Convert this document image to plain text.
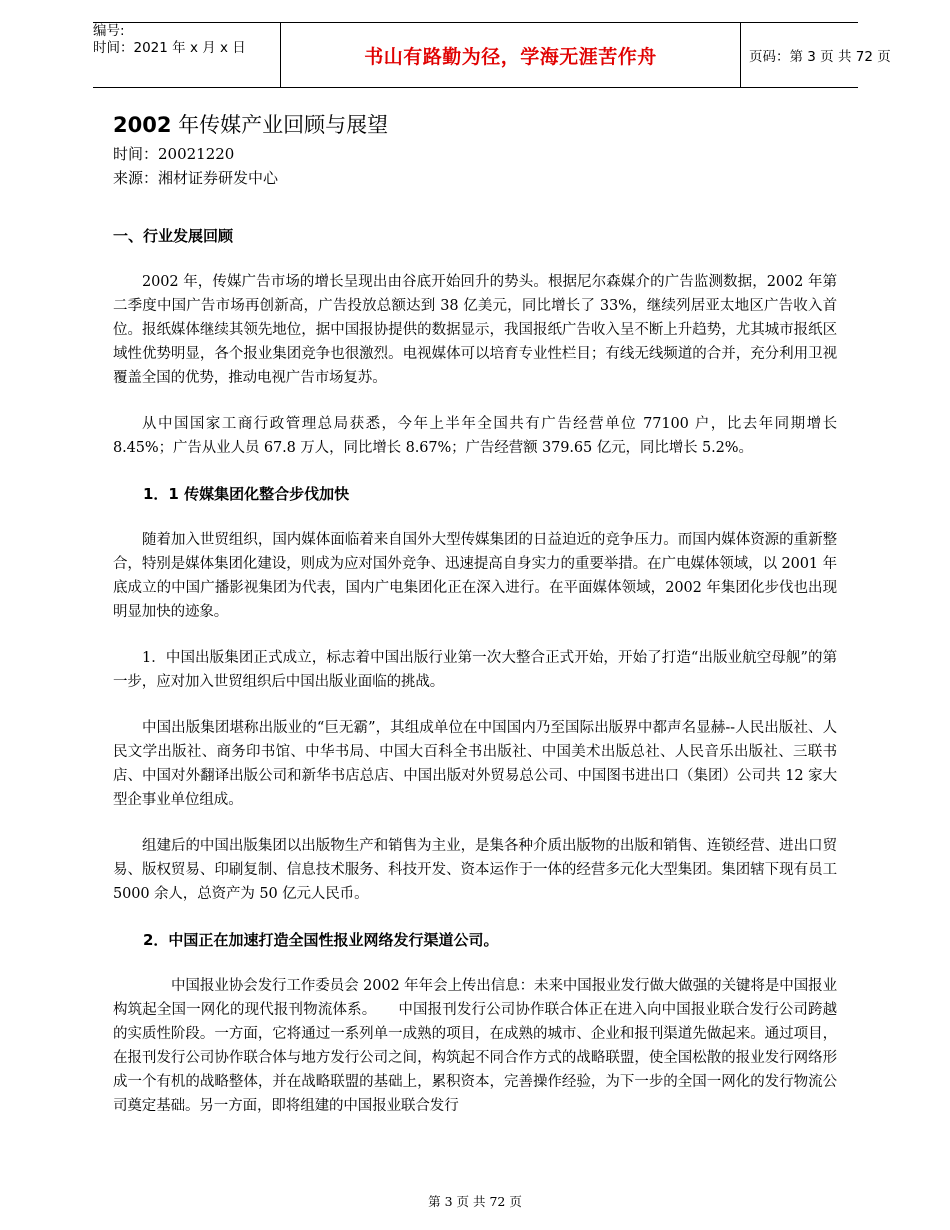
编号:
时间：2021 年 x 月 x 日	书山有路勤为径，学海无涯苦作舟	页码：第 3 页 共 72 页
2002 年传媒产业回顾与展望
时间：20021220
来源：湘材证券研发中心
一、行业发展回顾

2002 年，传媒广告市场的增长呈现出由谷底开始回升的势头。根据尼尔森媒介的广告监测数据，2002 年第二季度中国广告市场再创新高，广告投放总额达到 38 亿美元，同比增长了 33%，继续列居亚太地区广告收入首位。报纸媒体继续其领先地位，据中国报协提供的数据显示，我国报纸广告收入呈不断上升趋势，尤其城市报纸区域性优势明显，各个报业集团竞争也很激烈。电视媒体可以培育专业性栏目；有线无线频道的合并，充分利用卫视覆盖全国的优势，推动电视广告市场复苏。

从中国国家工商行政管理总局获悉，今年上半年全国共有广告经营单位 77100 户，比去年同期增长 8.45%；广告从业人员 67.8 万人，同比增长 8.67%；广告经营额 379.65 亿元，同比增长 5.2%。

1．1 传媒集团化整合步伐加快

随着加入世贸组织，国内媒体面临着来自国外大型传媒集团的日益迫近的竞争压力。而国内媒体资源的重新整合，特别是媒体集团化建设，则成为应对国外竞争、迅速提高自身实力的重要举措。在广电媒体领域，以 2001 年底成立的中国广播影视集团为代表，国内广电集团化正在深入进行。在平面媒体领域，2002 年集团化步伐也出现明显加快的迹象。

1．中国出版集团正式成立，标志着中国出版行业第一次大整合正式开始，开始了打造“出版业航空母舰”的第一步，应对加入世贸组织后中国出版业面临的挑战。

中国出版集团堪称出版业的“巨无霸”，其组成单位在中国国内乃至国际出版界中都声名显赫--人民出版社、人民文学出版社、商务印书馆、中华书局、中国大百科全书出版社、中国美术出版总社、人民音乐出版社、三联书店、中国对外翻译出版公司和新华书店总店、中国出版对外贸易总公司、中国图书进出口（集团）公司共 12 家大型企事业单位组成。

组建后的中国出版集团以出版物生产和销售为主业，是集各种介质出版物的出版和销售、连锁经营、进出口贸易、版权贸易、印刷复制、信息技术服务、科技开发、资本运作于一体的经营多元化大型集团。集团辖下现有员工 5000 余人，总资产为 50 亿元人民币。

2．中国正在加速打造全国性报业网络发行渠道公司。

中国报业协会发行工作委员会 2002 年年会上传出信息：未来中国报业发行做大做强的关键将是中国报业构筑起全国一网化的现代报刊物流体系。　　中国报刊发行公司协作联合体正在进入向中国报业联合发行公司跨越的实质性阶段。一方面，它将通过一系列单一成熟的项目，在成熟的城市、企业和报刊渠道先做起来。通过项目，在报刊发行公司协作联合体与地方发行公司之间，构筑起不同合作方式的战略联盟，使全国松散的报业发行网络形成一个有机的战略整体，并在战略联盟的基础上，累积资本，完善操作经验，为下一步的全国一网化的发行物流公司奠定基础。另一方面，即将组建的中国报业联合发行

第 3 页 共 72 页
